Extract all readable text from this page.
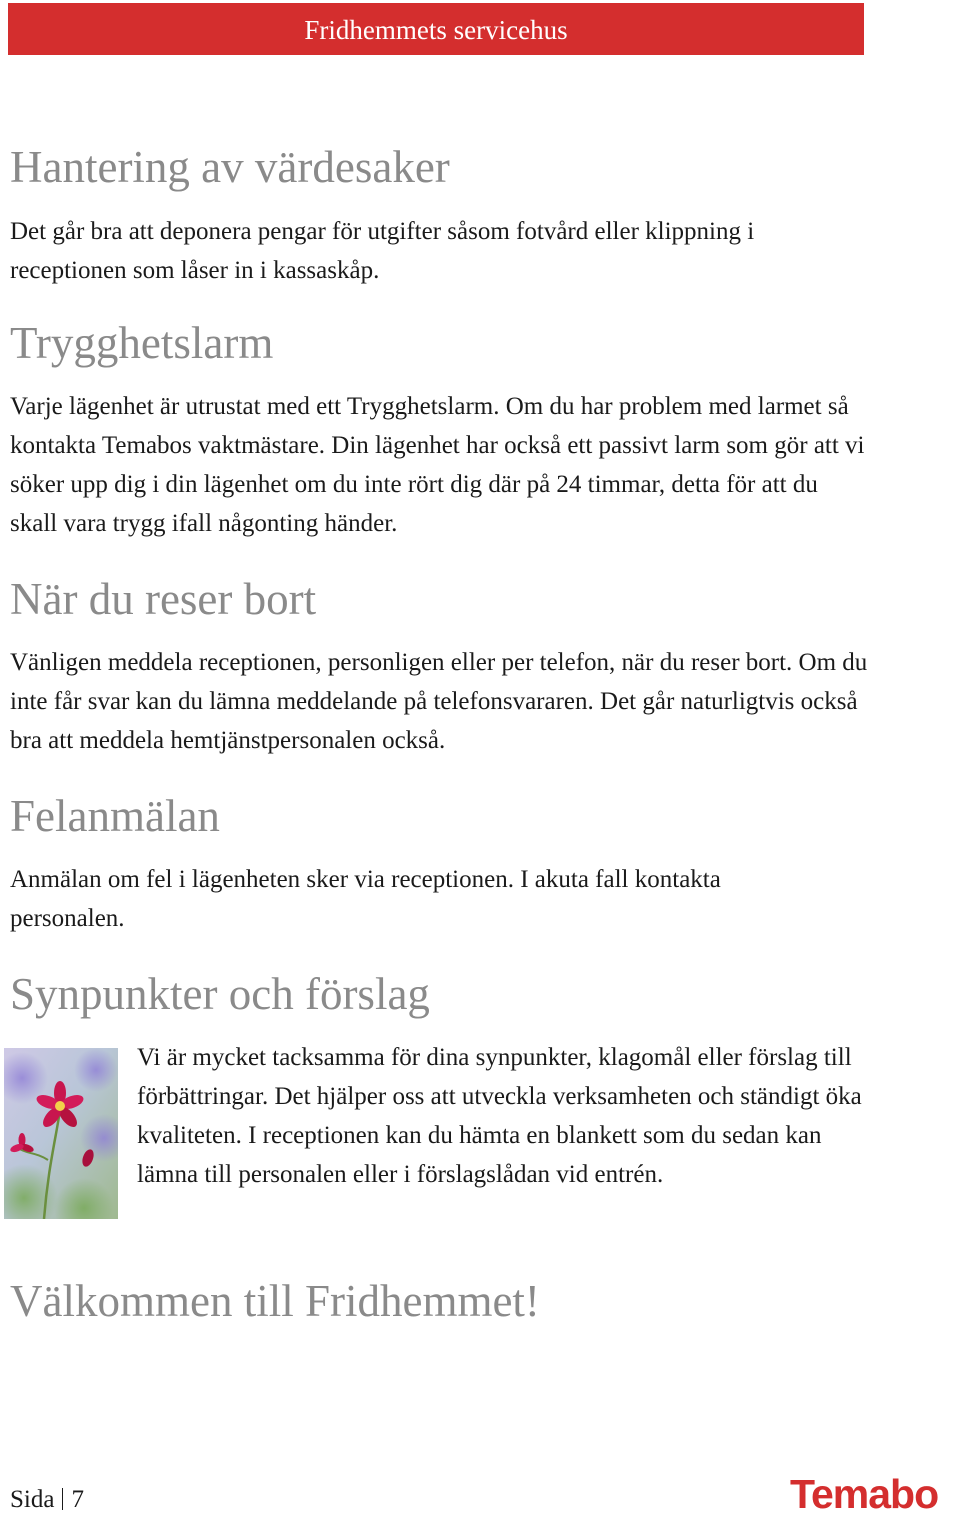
Fridhemmets servicehus
Hantering av värdesaker

Det går bra att deponera pengar för utgifter såsom fotvård eller klippning i receptionen som låser in i kassaskåp.

Trygghetslarm

Varje lägenhet är utrustat med ett Trygghetslarm. Om du har problem med larmet så kontakta Temabos vaktmästare. Din lägenhet har också ett passivt larm som gör att vi söker upp dig i din lägenhet om du inte rört dig där på 24 timmar, detta för att du skall vara trygg ifall någonting händer.

När du reser bort

Vänligen meddela receptionen, personligen eller per telefon, när du reser bort. Om du inte får svar kan du lämna meddelande på telefonsvararen. Det går naturligtvis också bra att meddela hemtjänstpersonalen också.

Felanmälan

Anmälan om fel i lägenheten sker via receptionen. I akuta fall kontakta personalen.

Synpunkter och förslag

Vi är mycket tacksamma för dina synpunkter, klagomål eller förslag till förbättringar. Det hjälper oss att utveckla verksamheten och ständigt öka kvaliteten. I receptionen kan du hämta en blankett som du sedan kan lämna till personalen eller i förslagslådan vid entrén.

Välkommen till Fridhemmet!
Sida 7	Temabo
